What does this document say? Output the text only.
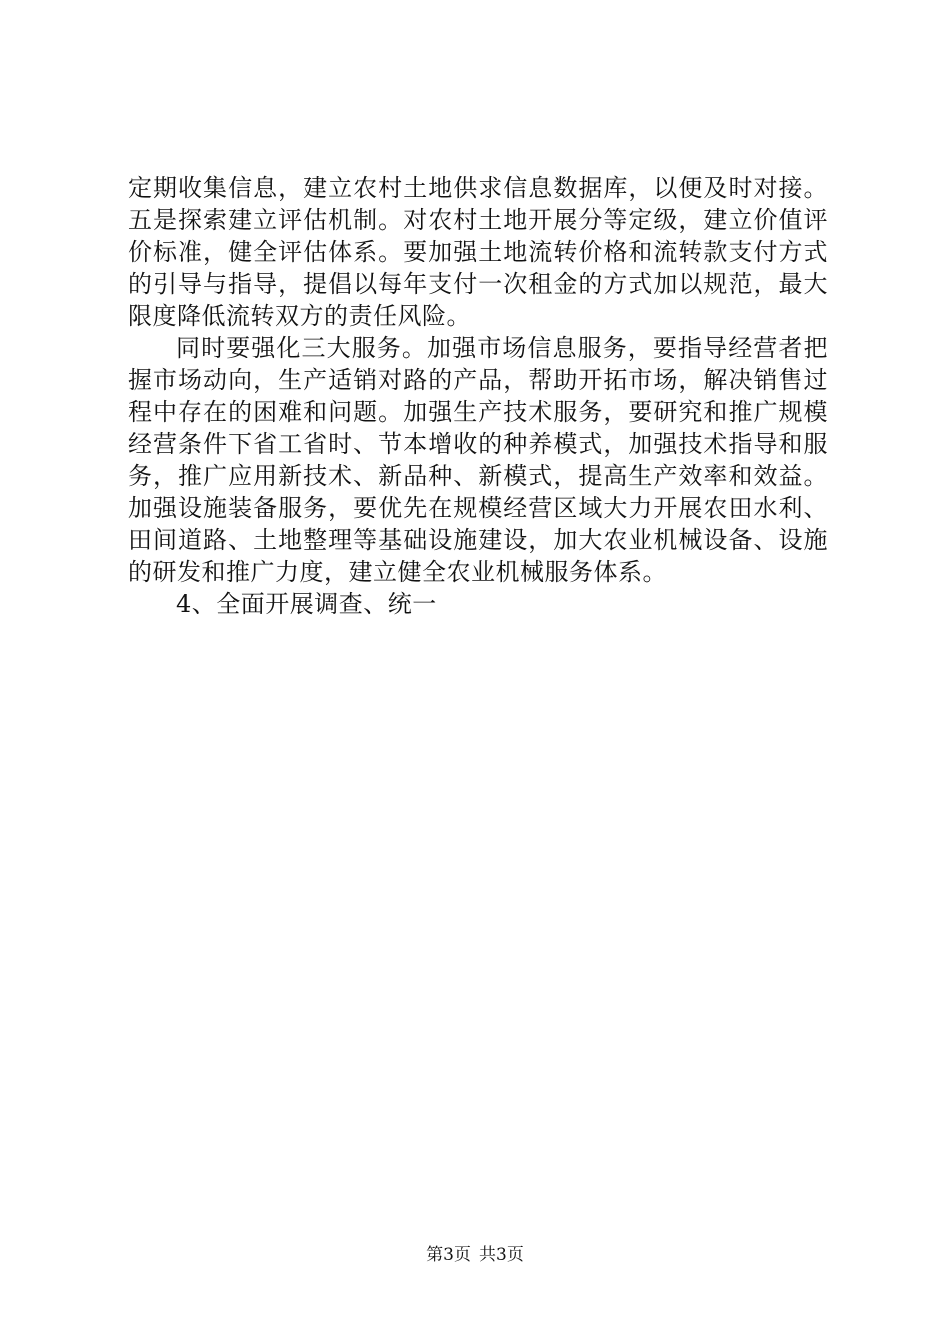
定期收集信息，建立农村土地供求信息数据库，以便及时对接。五是探索建立评估机制。对农村土地开展分等定级，建立价值评价标准，健全评估体系。要加强土地流转价格和流转款支付方式的引导与指导，提倡以每年支付一次租金的方式加以规范，最大限度降低流转双方的责任风险。

同时要强化三大服务。加强市场信息服务，要指导经营者把握市场动向，生产适销对路的产品，帮助开拓市场，解决销售过程中存在的困难和问题。加强生产技术服务，要研究和推广规模经营条件下省工省时、节本增收的种养模式，加强技术指导和服务，推广应用新技术、新品种、新模式，提高生产效率和效益。加强设施装备服务，要优先在规模经营区域大力开展农田水利、田间道路、土地整理等基础设施建设，加大农业机械设备、设施的研发和推广力度，建立健全农业机械服务体系。

4、全面开展调查、统一

第3页 共3页
